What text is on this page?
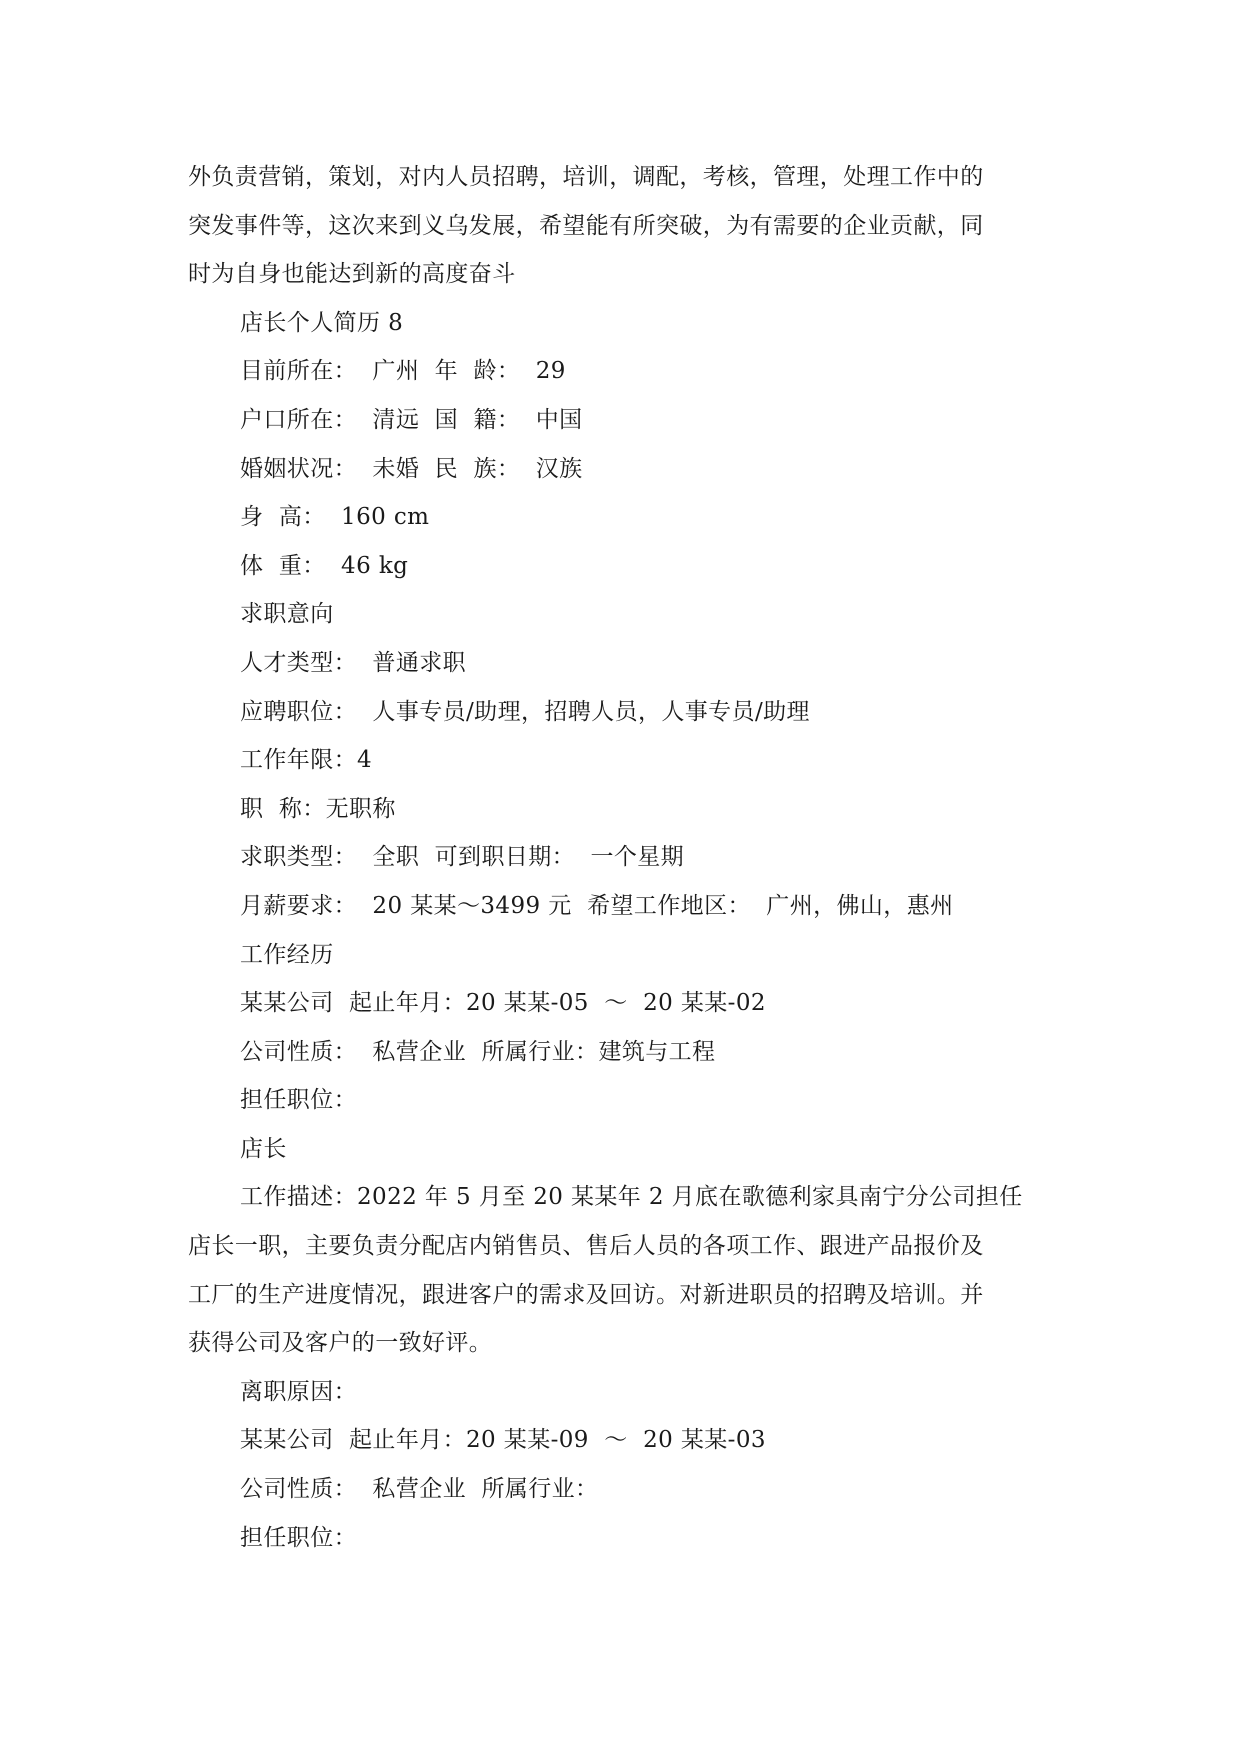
外负责营销，策划，对内人员招聘，培训，调配，考核，管理，处理工作中的
突发事件等，这次来到义乌发展，希望能有所突破，为有需要的企业贡献，同
时为自身也能达到新的高度奋斗

店长个人简历 8
目前所在：  广州  年  龄：  29
户口所在：  清远  国  籍：  中国
婚姻状况：  未婚  民  族：  汉族
身  高：  160 cm
体  重：  46 kg
求职意向
人才类型：  普通求职
应聘职位：  人事专员/助理，招聘人员，人事专员/助理
工作年限：4
职  称：无职称
求职类型：  全职  可到职日期：  一个星期
月薪要求：  20 某某～3499 元  希望工作地区：  广州，佛山，惠州
工作经历
某某公司  起止年月：20 某某-05  ～  20 某某-02
公司性质：  私营企业  所属行业：建筑与工程
担任职位：
店长

工作描述：2022 年 5 月至 20 某某年 2 月底在歌德利家具南宁分公司担任
店长一职，主要负责分配店内销售员、售后人员的各项工作、跟进产品报价及
工厂的生产进度情况，跟进客户的需求及回访。对新进职员的招聘及培训。并
获得公司及客户的一致好评。

离职原因：
某某公司  起止年月：20 某某-09  ～  20 某某-03
公司性质：  私营企业  所属行业：
担任职位：
